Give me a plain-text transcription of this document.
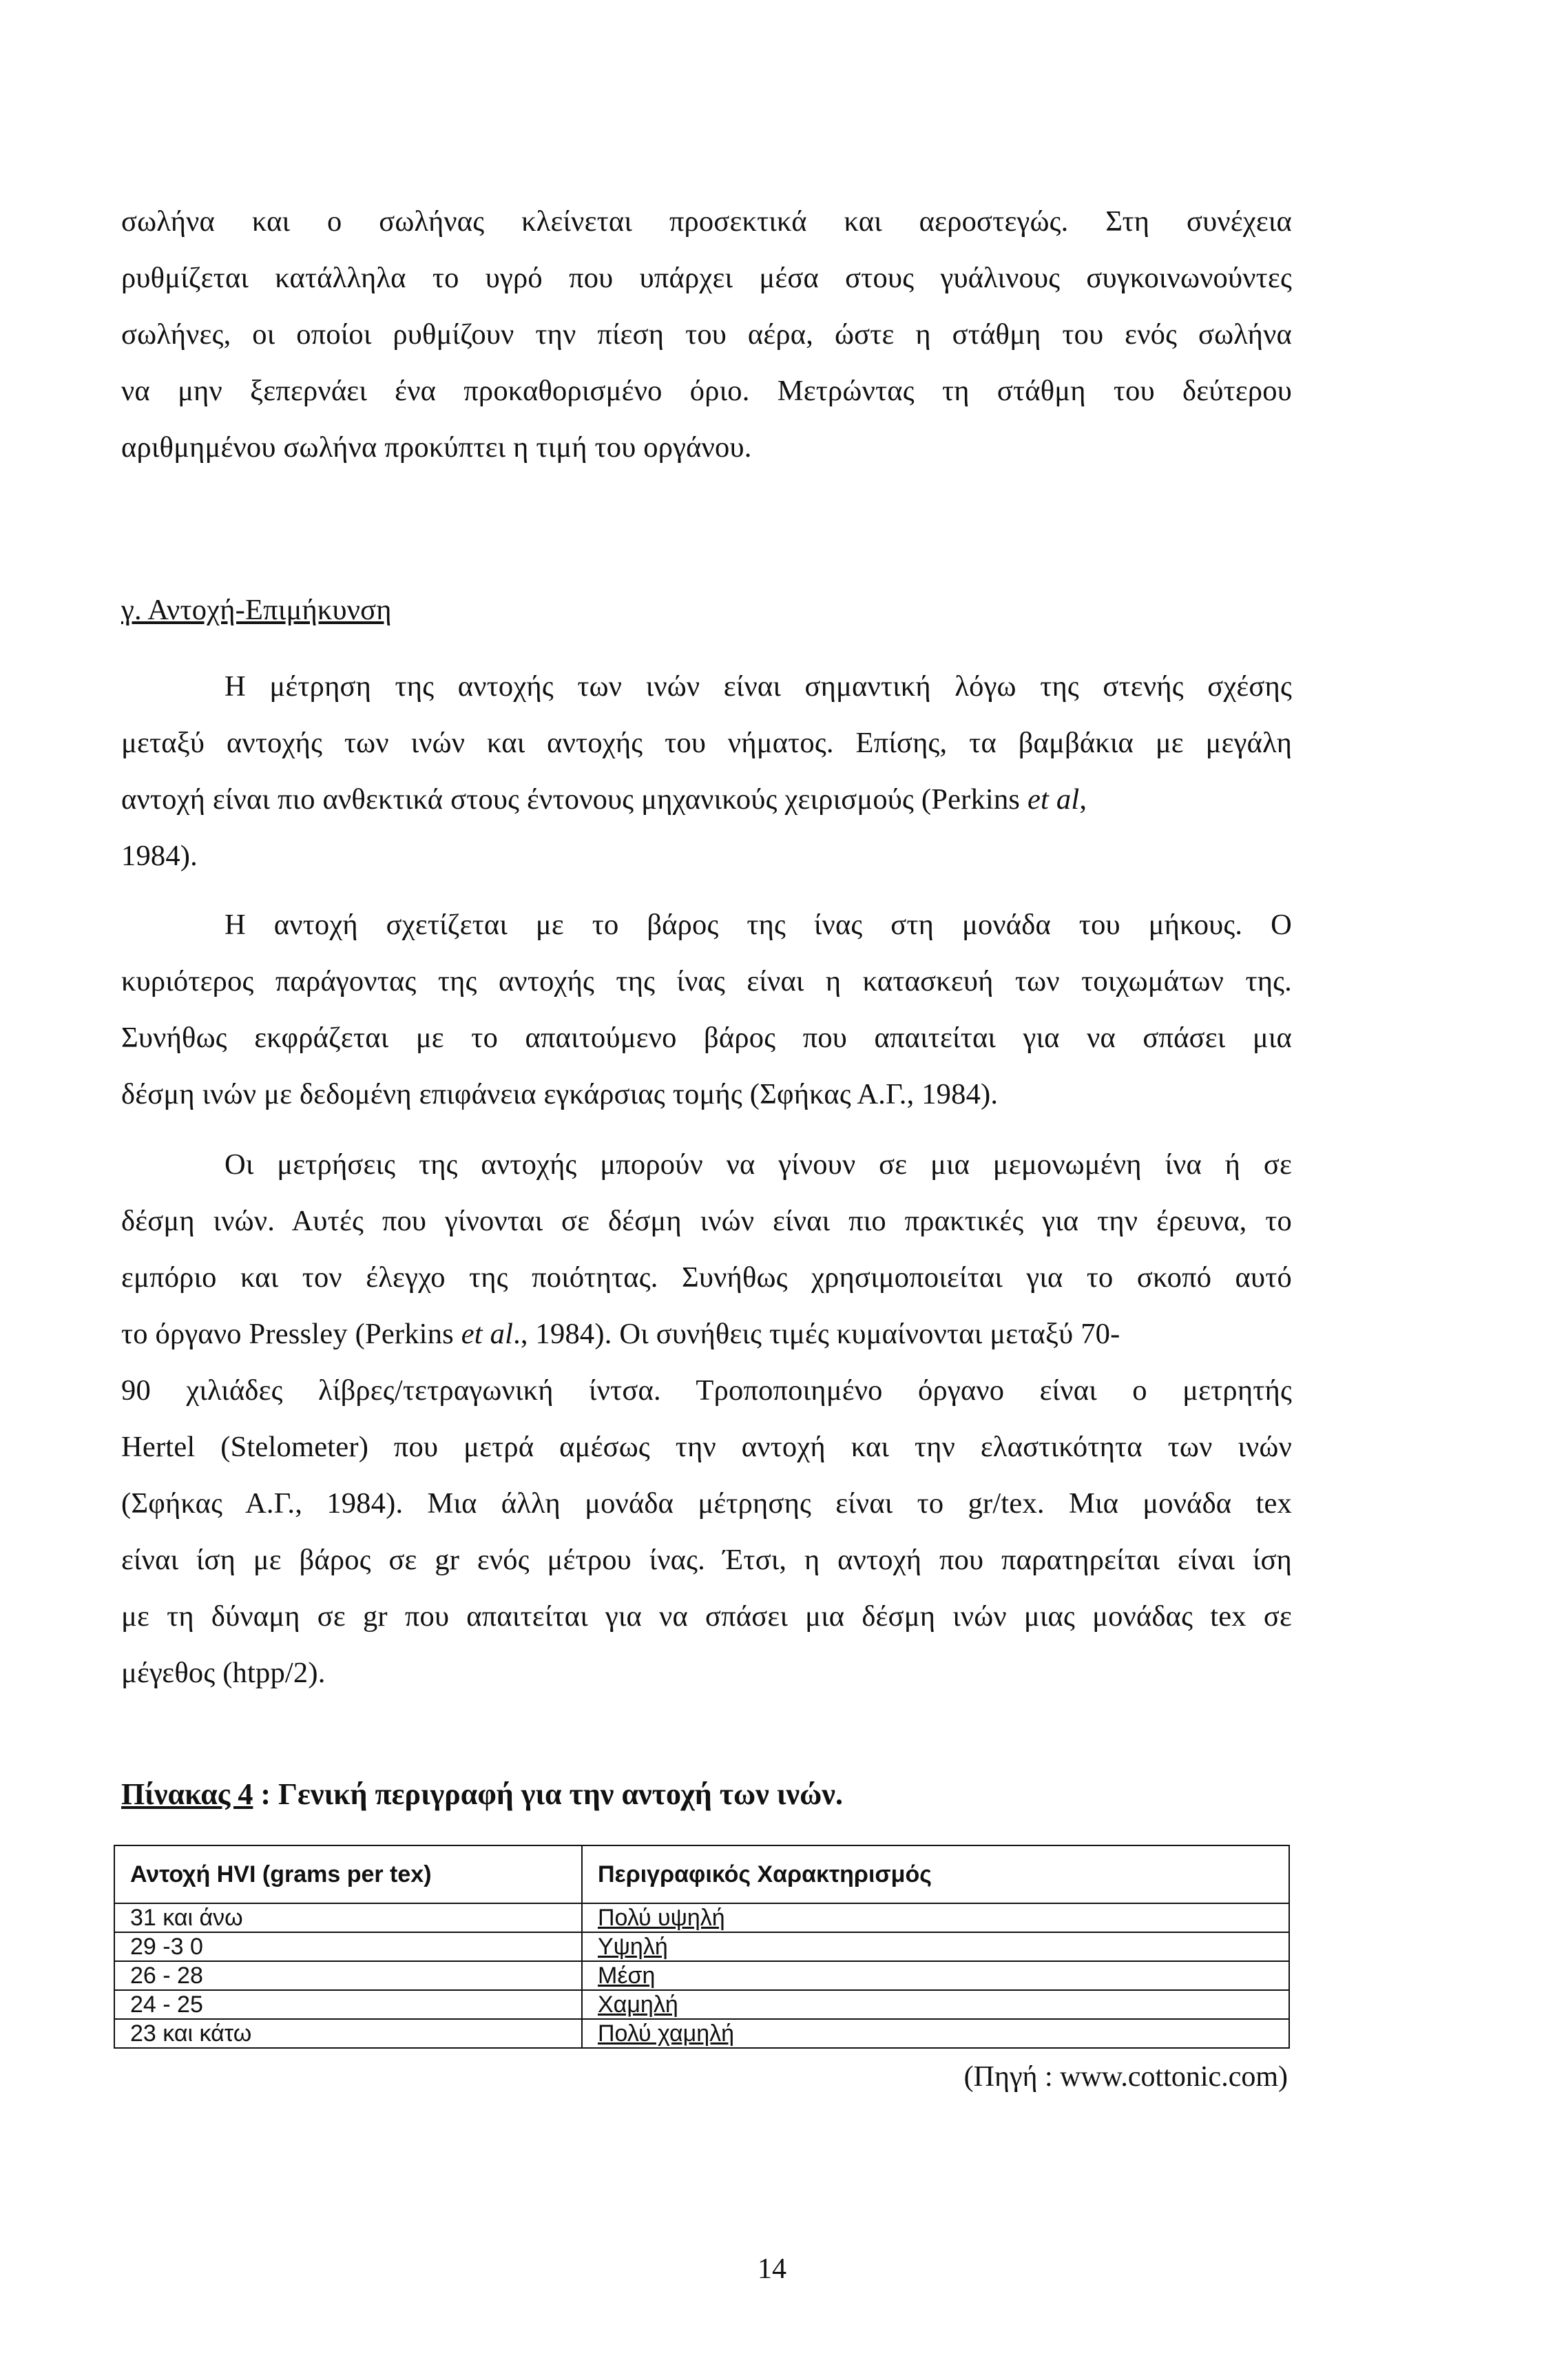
σωλήνα και ο σωλήνας κλείνεται προσεκτικά και αεροστεγώς. Στη συνέχεια
ρυθμίζεται κατάλληλα το υγρό που υπάρχει μέσα στους γυάλινους συγκοινωνούντες
σωλήνες, οι οποίοι ρυθμίζουν την πίεση του αέρα, ώστε η στάθμη του ενός σωλήνα
να μην ξεπερνάει ένα προκαθορισμένο όριο. Μετρώντας τη στάθμη του δεύτερου
αριθμημένου σωλήνα προκύπτει η τιμή του οργάνου.
γ. Αντοχή-Επιμήκυνση
Η μέτρηση της αντοχής των ινών είναι σημαντική λόγω της στενής σχέσης
μεταξύ αντοχής των ινών και αντοχής του νήματος. Επίσης, τα βαμβάκια με μεγάλη
αντοχή είναι πιο ανθεκτικά στους έντονους μηχανικούς χειρισμούς (Perkins et al,
1984).
Η αντοχή σχετίζεται με το βάρος της ίνας στη μονάδα του μήκους. Ο
κυριότερος παράγοντας της αντοχής της ίνας είναι η κατασκευή των τοιχωμάτων της.
Συνήθως εκφράζεται με το απαιτούμενο βάρος που απαιτείται για να σπάσει μια
δέσμη ινών με δεδομένη επιφάνεια εγκάρσιας τομής (Σφήκας Α.Γ., 1984).
Οι μετρήσεις της αντοχής μπορούν να γίνουν σε μια μεμονωμένη ίνα ή σε
δέσμη ινών. Αυτές που γίνονται σε δέσμη ινών είναι πιο πρακτικές για την έρευνα, το
εμπόριο και τον έλεγχο της ποιότητας. Συνήθως χρησιμοποιείται για το σκοπό αυτό
το όργανο Pressley (Perkins et al., 1984). Οι συνήθεις τιμές κυμαίνονται μεταξύ 70-
90 χιλιάδες λίβρες/τετραγωνική ίντσα. Τροποποιημένο όργανο είναι ο μετρητής
Hertel (Stelometer) που μετρά αμέσως την αντοχή και την ελαστικότητα των ινών
(Σφήκας Α.Γ., 1984). Μια άλλη μονάδα μέτρησης είναι το gr/tex. Μια μονάδα tex
είναι ίση με βάρος σε gr ενός μέτρου ίνας. Έτσι, η αντοχή που παρατηρείται είναι ίση
με τη δύναμη σε gr που απαιτείται για να σπάσει μια δέσμη ινών μιας μονάδας tex σε
μέγεθος (htpp/2).
Πίνακας 4 : Γενική περιγραφή για την αντοχή των ινών.
Αντοχή HVI (grams per tex)	Περιγραφικός Χαρακτηρισμός
31 και άνω	Πολύ υψηλή
29 -3 0	Υψηλή
26 - 28	Μέση
24 - 25	Χαμηλή
23 και κάτω	Πολύ χαμηλή
(Πηγή : www.cottonic.com)
14
